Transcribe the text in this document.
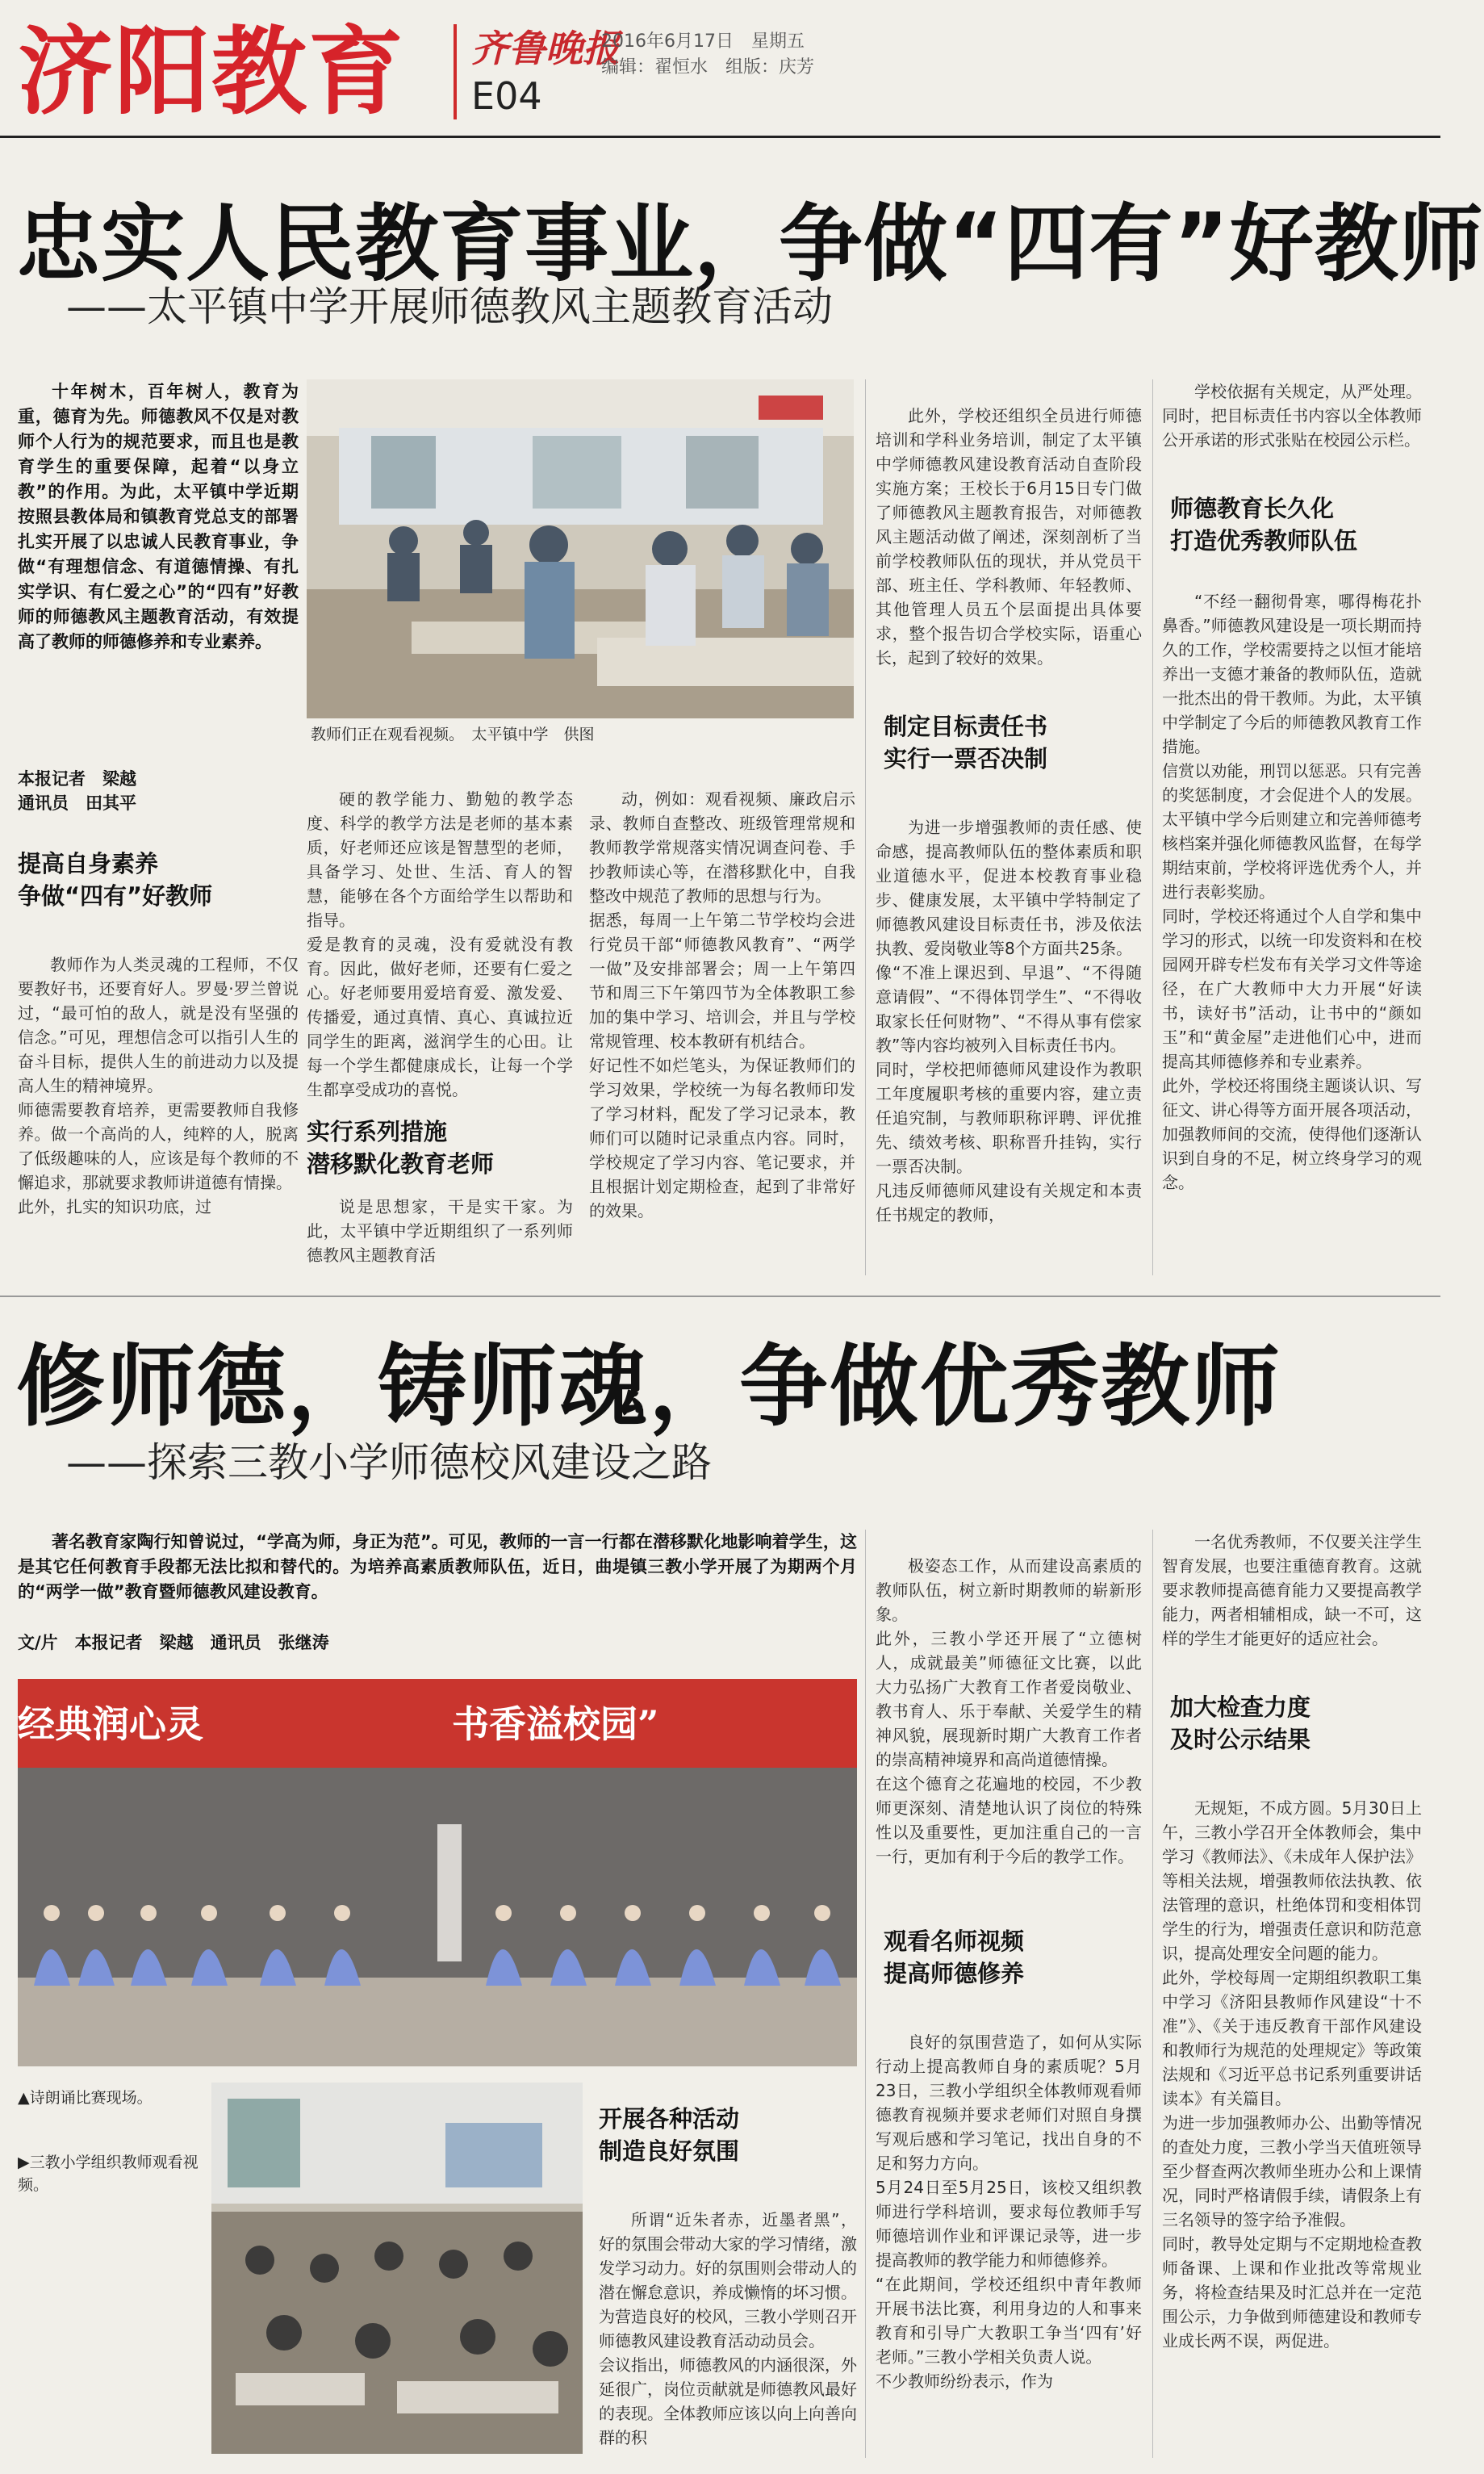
济阳教育 齐鲁晚报
2016年6月17日　星期五
编辑：翟恒水　组版：庆芳
E04
忠实人民教育事业，争做“四有”好教师
——太平镇中学开展师德教风主题教育活动

十年树木，百年树人，教育为重，德育为先。师德教风不仅是对教师个人行为的规范要求，而且也是教育学生的重要保障，起着“以身立教”的作用。为此，太平镇中学近期按照县教体局和镇教育党总支的部署扎实开展了以忠诚人民教育事业，争做“有理想信念、有道德情操、有扎实学识、有仁爱之心”的“四有”好教师的师德教风主题教育活动，有效提高了教师的师德修养和专业素养。

教师们正在观看视频。　太平镇中学　供图
本报记者　梁越
通讯员　田其平
提高自身素养
争做“四有”好教师

教师作为人类灵魂的工程师，不仅要教好书，还要育好人。罗曼·罗兰曾说过，“最可怕的敌人，就是没有坚强的信念。”可见，理想信念可以指引人生的奋斗目标，提供人生的前进动力以及提高人生的精神境界。
师德需要教育培养，更需要教师自我修养。做一个高尚的人，纯粹的人，脱离了低级趣味的人，应该是每个教师的不懈追求，那就要求教师讲道德有情操。
此外，扎实的知识功底，过

硬的教学能力、勤勉的教学态度、科学的教学方法是老师的基本素质，好老师还应该是智慧型的老师，具备学习、处世、生活、育人的智慧，能够在各个方面给学生以帮助和指导。
爱是教育的灵魂，没有爱就没有教育。因此，做好老师，还要有仁爱之心。好老师要用爱培育爱、激发爱、传播爱，通过真情、真心、真诚拉近同学生的距离，滋润学生的心田。让每一个学生都健康成长，让每一个学生都享受成功的喜悦。

实行系列措施
潜移默化教育老师

说是思想家，干是实干家。为此，太平镇中学近期组织了一系列师德教风主题教育活

动，例如：观看视频、廉政启示录、教师自查整改、班级管理常规和教师教学常规落实情况调查问卷、手抄教师读心等，在潜移默化中，自我整改中规范了教师的思想与行为。
据悉，每周一上午第二节学校均会进行党员干部“师德教风教育”、“两学一做”及安排部署会；周一上午第四节和周三下午第四节为全体教职工参加的集中学习、培训会，并且与学校常规管理、校本教研有机结合。
好记性不如烂笔头，为保证教师们的学习效果，学校统一为每名教师印发了学习材料，配发了学习记录本，教师们可以随时记录重点内容。同时，学校规定了学习内容、笔记要求，并且根据计划定期检查，起到了非常好的效果。

此外，学校还组织全员进行师德培训和学科业务培训，制定了太平镇中学师德教风建设教育活动自查阶段实施方案；王校长于6月15日专门做了师德教风主题教育报告，对师德教风主题活动做了阐述，深刻剖析了当前学校教师队伍的现状，并从党员干部、班主任、学科教师、年轻教师、其他管理人员五个层面提出具体要求，整个报告切合学校实际，语重心长，起到了较好的效果。

制定目标责任书
实行一票否决制

为进一步增强教师的责任感、使命感，提高教师队伍的整体素质和职业道德水平，促进本校教育事业稳步、健康发展，太平镇中学特制定了师德教风建设目标责任书，涉及依法执教、爱岗敬业等8个方面共25条。
像“不准上课迟到、早退”、“不得随意请假”、“不得体罚学生”、“不得收取家长任何财物”、“不得从事有偿家教”等内容均被列入目标责任书内。
同时，学校把师德师风建设作为教职工年度履职考核的重要内容，建立责任追究制，与教师职称评聘、评优推先、绩效考核、职称晋升挂钩，实行一票否决制。
凡违反师德师风建设有关规定和本责任书规定的教师，

学校依据有关规定，从严处理。同时，把目标责任书内容以全体教师公开承诺的形式张贴在校园公示栏。

师德教育长久化
打造优秀教师队伍

“不经一翻彻骨寒，哪得梅花扑鼻香。”师德教风建设是一项长期而持久的工作，学校需要持之以恒才能培养出一支德才兼备的教师队伍，造就一批杰出的骨干教师。为此，太平镇中学制定了今后的师德教风教育工作措施。
信赏以劝能，刑罚以惩恶。只有完善的奖惩制度，才会促进个人的发展。太平镇中学今后则建立和完善师德考核档案并强化师德教风监督，在每学期结束前，学校将评选优秀个人，并进行表彰奖励。
同时，学校还将通过个人自学和集中学习的形式，以统一印发资料和在校园网开辟专栏发布有关学习文件等途径，在广大教师中大力开展“好读书，读好书”活动，让书中的“颜如玉”和“黄金屋”走进他们心中，进而提高其师德修养和专业素养。
此外，学校还将围绕主题谈认识、写征文、讲心得等方面开展各项活动，加强教师间的交流，使得他们逐渐认识到自身的不足，树立终身学习的观念。

修师德，铸师魂，争做优秀教师
——探索三教小学师德校风建设之路

著名教育家陶行知曾说过，“学高为师，身正为范”。可见，教师的一言一行都在潜移默化地影响着学生，这是其它任何教育手段都无法比拟和替代的。为培养高素质教师队伍，近日，曲堤镇三教小学开展了为期两个月的“两学一做”教育暨师德教风建设教育。

文/片　本报记者　梁越　通讯员　张继涛
经典润心灵	书香溢校园”
▲诗朗诵比赛现场。
▶三教小学组织教师观看视频。
开展各种活动
制造良好氛围

所谓“近朱者赤，近墨者黑”，好的氛围会带动大家的学习情绪，激发学习动力。好的氛围则会带动人的潜在懈怠意识，养成懒惰的坏习惯。为营造良好的校风，三教小学则召开师德教风建设教育活动动员会。
会议指出，师德教风的内涵很深，外延很广，岗位贡献就是师德教风最好的表现。全体教师应该以向上向善向群的积

极姿态工作，从而建设高素质的教师队伍，树立新时期教师的崭新形象。
此外，三教小学还开展了“立德树人，成就最美”师德征文比赛，以此大力弘扬广大教育工作者爱岗敬业、教书育人、乐于奉献、关爱学生的精神风貌，展现新时期广大教育工作者的崇高精神境界和高尚道德情操。
在这个德育之花遍地的校园，不少教师更深刻、清楚地认识了岗位的特殊性以及重要性，更加注重自己的一言一行，更加有利于今后的教学工作。

观看名师视频
提高师德修养

良好的氛围营造了，如何从实际行动上提高教师自身的素质呢？5月23日，三教小学组织全体教师观看师德教育视频并要求老师们对照自身撰写观后感和学习笔记，找出自身的不足和努力方向。
5月24日至5月25日，该校又组织教师进行学科培训，要求每位教师手写师德培训作业和评课记录等，进一步提高教师的教学能力和师德修养。
“在此期间，学校还组织中青年教师开展书法比赛，利用身边的人和事来教育和引导广大教职工争当‘四有’好老师。”三教小学相关负责人说。
不少教师纷纷表示，作为

一名优秀教师，不仅要关注学生智育发展，也要注重德育教育。这就要求教师提高德育能力又要提高教学能力，两者相辅相成，缺一不可，这样的学生才能更好的适应社会。

加大检查力度
及时公示结果

无规矩，不成方圆。5月30日上午，三教小学召开全体教师会，集中学习《教师法》、《未成年人保护法》等相关法规，增强教师依法执教、依法管理的意识，杜绝体罚和变相体罚学生的行为，增强责任意识和防范意识，提高处理安全问题的能力。
此外，学校每周一定期组织教职工集中学习《济阳县教师作风建设“十不准”》、《关于违反教育干部作风建设和教师行为规范的处理规定》等政策法规和《习近平总书记系列重要讲话读本》有关篇目。
为进一步加强教师办公、出勤等情况的查处力度，三教小学当天值班领导至少督查两次教师坐班办公和上课情况，同时严格请假手续，请假条上有三名领导的签字给予准假。
同时，教导处定期与不定期地检查教师备课、上课和作业批改等常规业务，将检查结果及时汇总并在一定范围公示，力争做到师德建设和教师专业成长两不误，两促进。
